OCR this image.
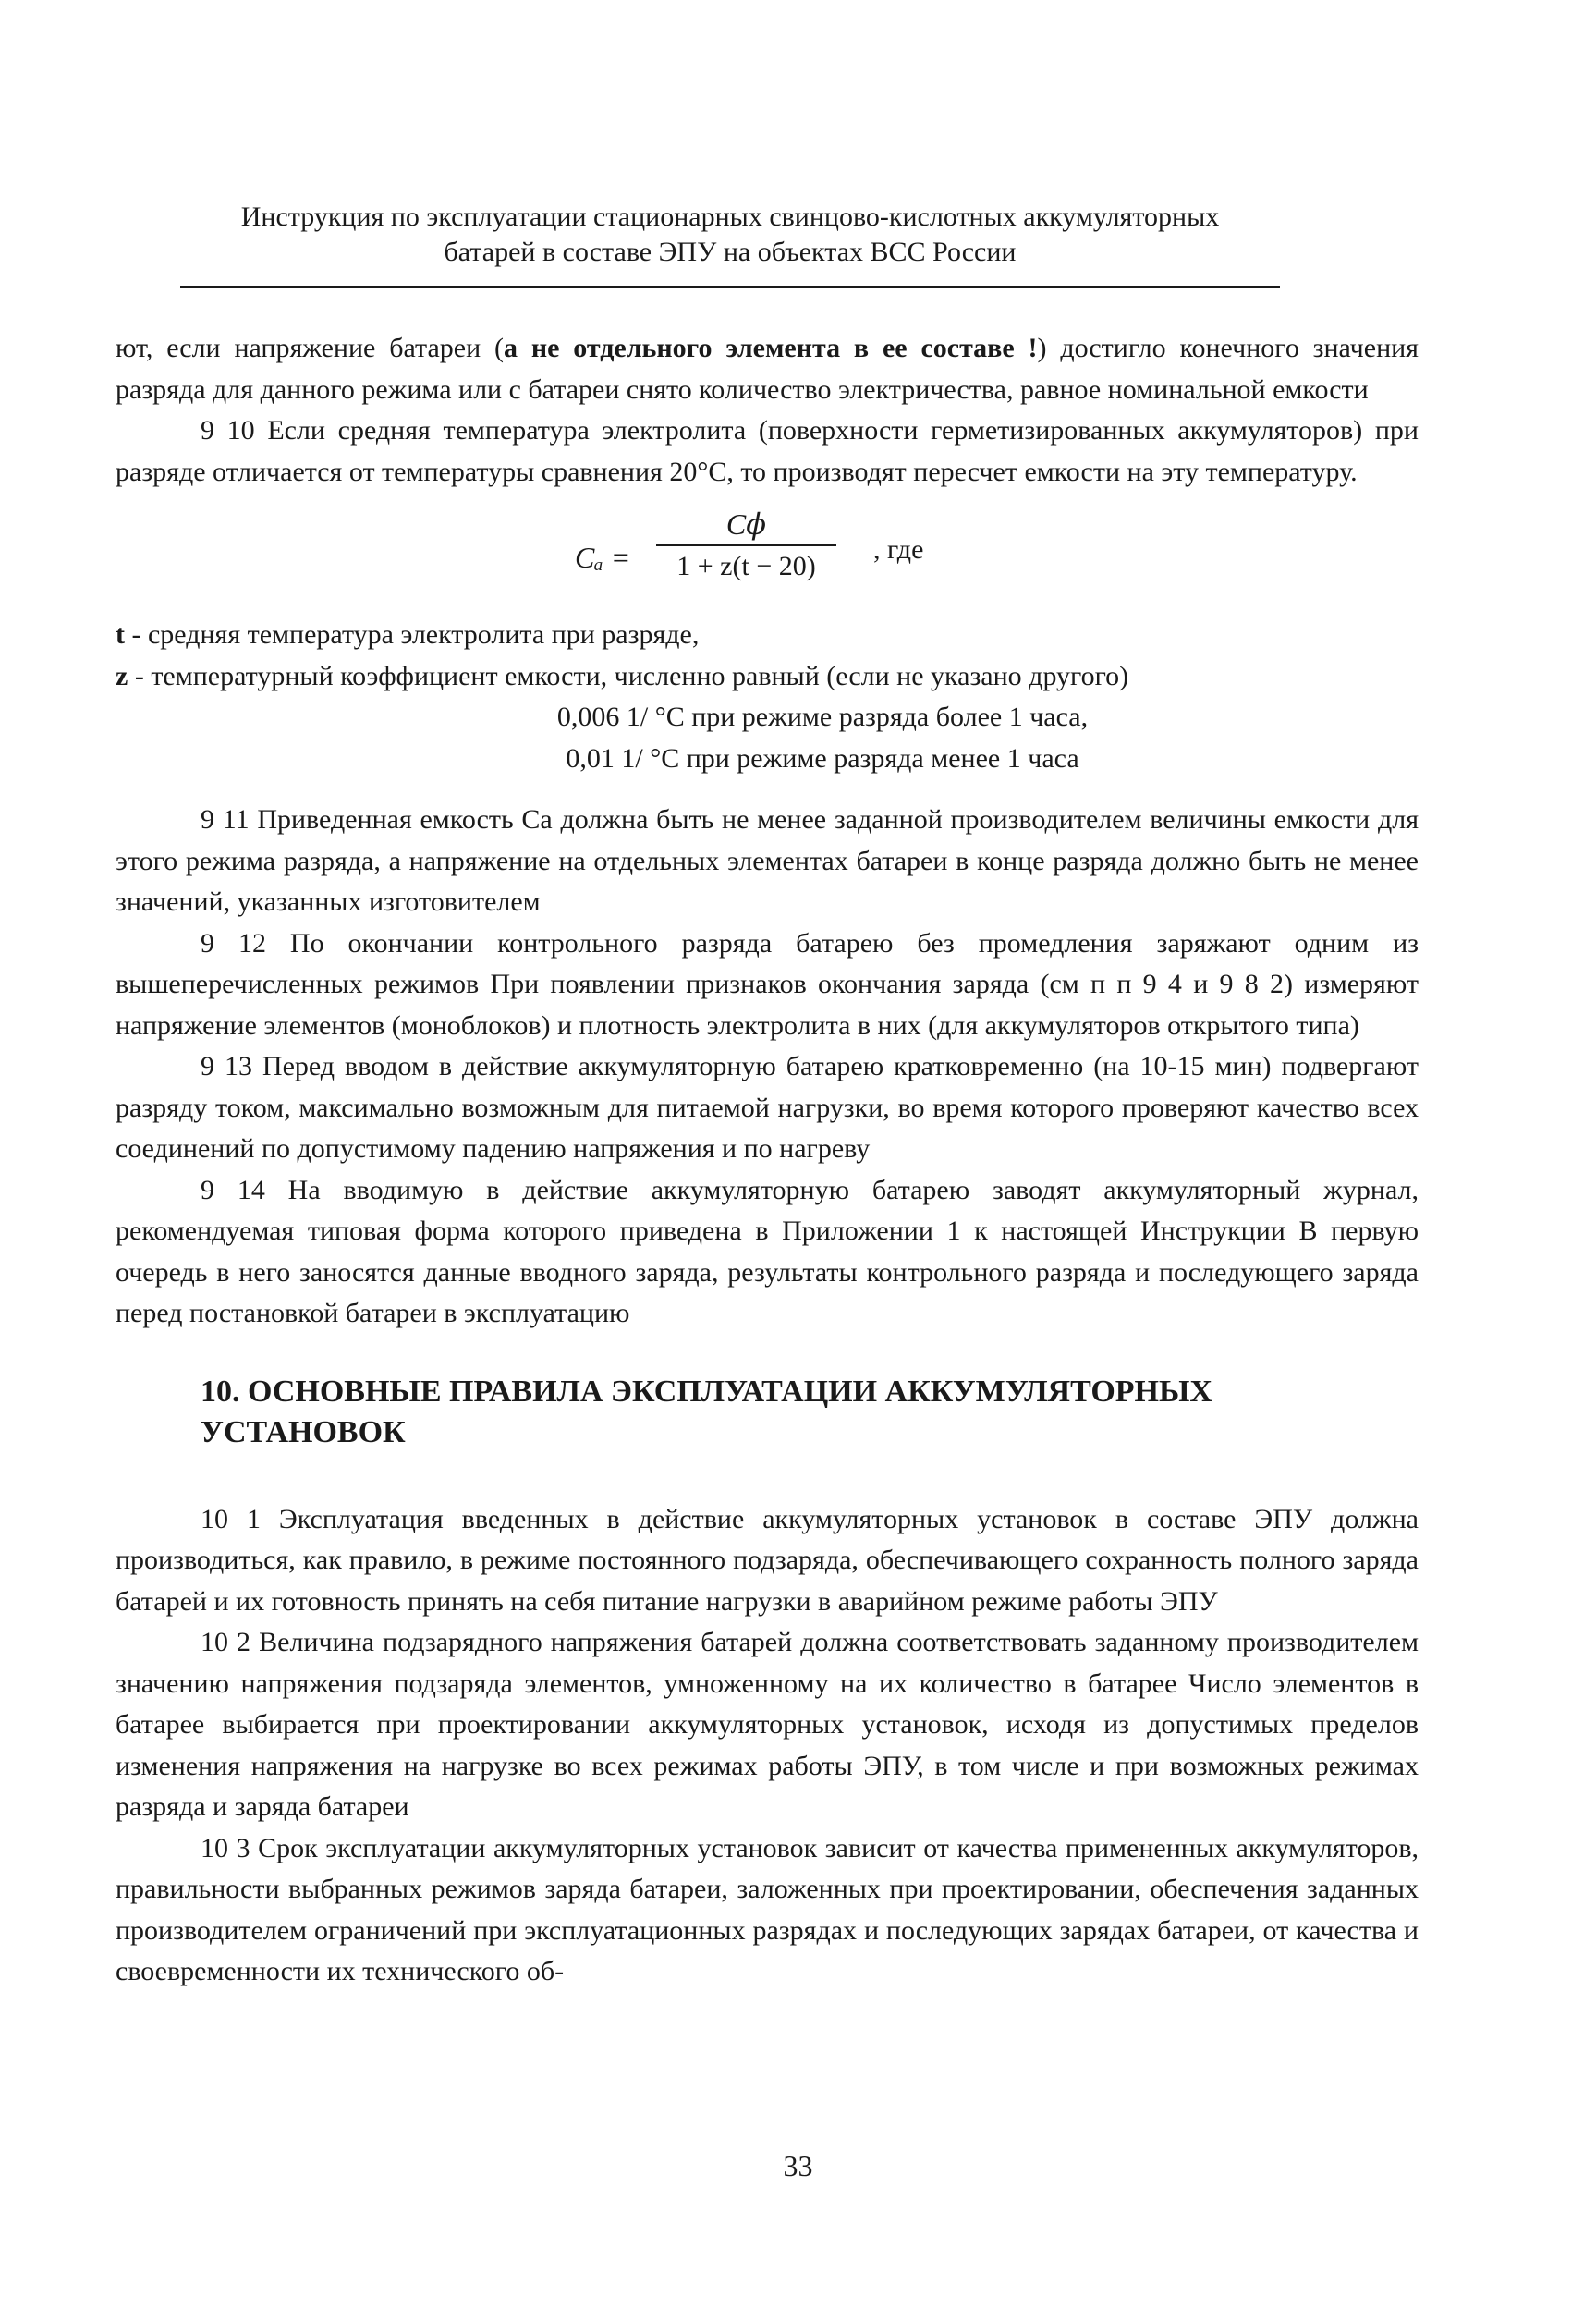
Инструкция по эксплуатации стационарных свинцово-кислотных аккумуляторных
батарей в составе ЭПУ на объектах ВСС России

ют, если напряжение батареи (а не отдельного элемента в ее составе !) достигло конечного значения разряда для данного режима или с батареи снято количество электричества, равное номинальной емкости

9 10 Если средняя температура электролита (поверхности герметизированных аккумуляторов) при разряде отличается от температуры сравнения 20°С, то производят пересчет емкости на эту температуру.

Cₐ =
C𝜙
1 + z(t − 20)
, где

t - средняя температура электролита при разряде,

z - температурный коэффициент емкости, численно равный (если не указано другого)

0,006 1/ °С при режиме разряда более 1 часа,

0,01 1/ °С при режиме разряда менее 1 часа

9 11 Приведенная емкость Са должна быть не менее заданной производителем величины емкости для этого режима разряда, а напряжение на отдельных элементах батареи в конце разряда должно быть не менее значений, указанных изготовителем

9 12 По окончании контрольного разряда батарею без промедления заряжают одним из вышеперечисленных режимов При появлении признаков окончания заряда (см п п 9 4 и 9 8 2) измеряют напряжение элементов (моноблоков) и плотность электролита в них (для аккумуляторов открытого типа)

9 13 Перед вводом в действие аккумуляторную батарею кратковременно (на 10-15 мин) подвергают разряду током, максимально возможным для питаемой нагрузки, во время которого проверяют качество всех соединений по допустимому падению напряжения и по нагреву

9 14 На вводимую в действие аккумуляторную батарею заводят аккумуляторный журнал, рекомендуемая типовая форма которого приведена в Приложении 1 к настоящей Инструкции В первую очередь в него заносятся данные вводного заряда, результаты контрольного разряда и последующего заряда перед постановкой батареи в эксплуатацию

10. ОСНОВНЫЕ ПРАВИЛА ЭКСПЛУАТАЦИИ АККУМУЛЯТОРНЫХ УСТАНОВОК

10 1 Эксплуатация введенных в действие аккумуляторных установок в составе ЭПУ должна производиться, как правило, в режиме постоянного подзаряда, обеспечивающего сохранность полного заряда батарей и их готовность принять на себя питание нагрузки в аварийном режиме работы ЭПУ

10 2 Величина подзарядного напряжения батарей должна соответствовать заданному производителем значению напряжения подзаряда элементов, умноженному на их количество в батарее Число элементов в батарее выбирается при проектировании аккумуляторных установок, исходя из допустимых пределов изменения напряжения на нагрузке во всех режимах работы ЭПУ, в том числе и при возможных режимах разряда и заряда батареи

10 3 Срок эксплуатации аккумуляторных установок зависит от качества примененных аккумуляторов, правильности выбранных режимов заряда батареи, заложенных при проектировании, обеспечения заданных производителем ограничений при эксплуатационных разрядах и последующих зарядах батареи, от качества и своевременности их технического об-

33
